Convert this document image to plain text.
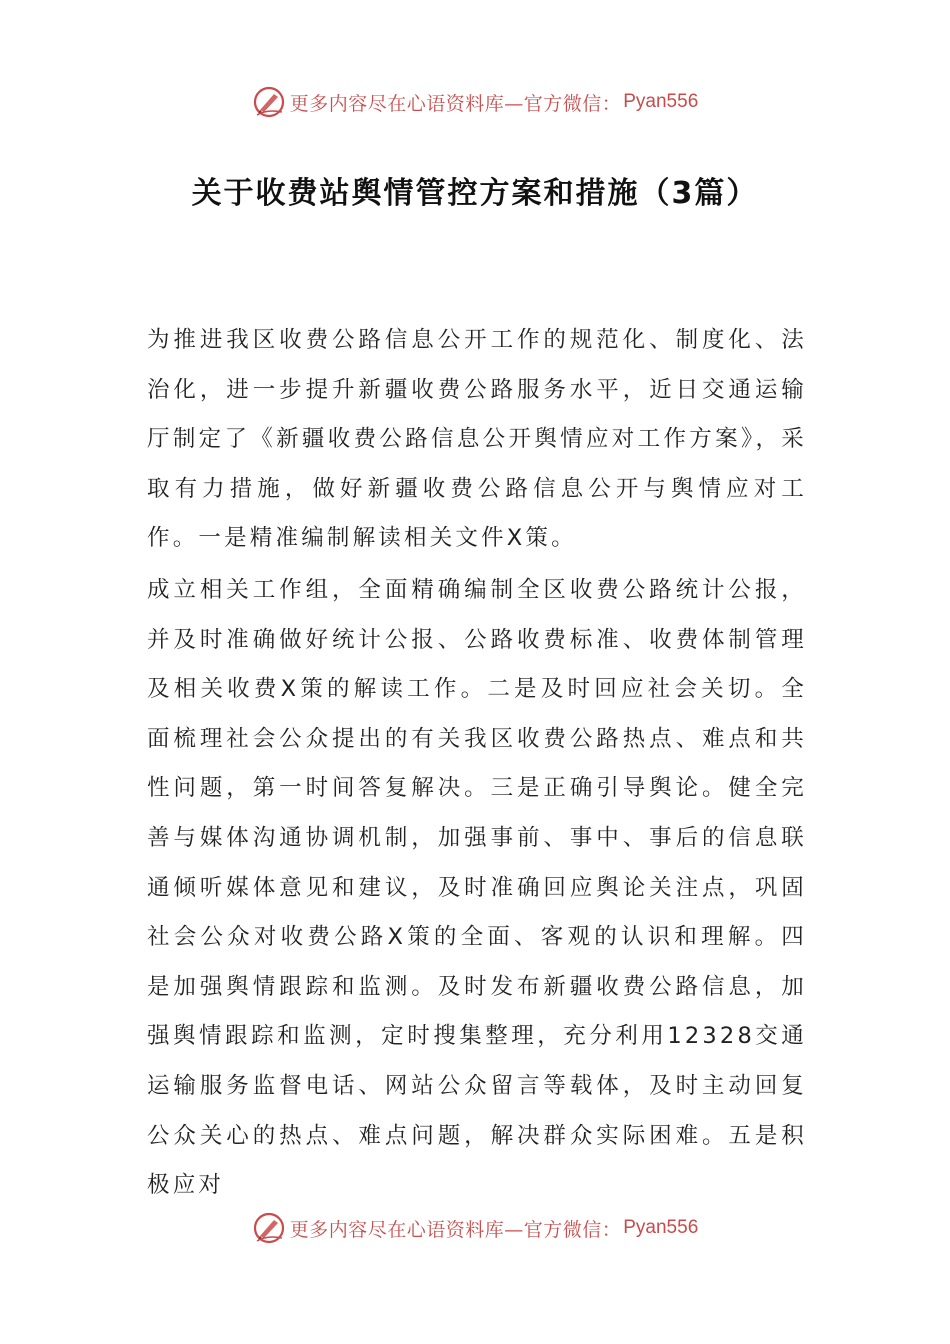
更多内容尽在心语资料库—官方微信： Pyan556
关于收费站舆情管控方案和措施（3篇）

为推进我区收费公路信息公开工作的规范化、制度化、法治化，进一步提升新疆收费公路服务水平，近日交通运输厅制定了《新疆收费公路信息公开舆情应对工作方案》，采取有力措施，做好新疆收费公路信息公开与舆情应对工作。一是精准编制解读相关文件X策。

成立相关工作组，全面精确编制全区收费公路统计公报，并及时准确做好统计公报、公路收费标准、收费体制管理及相关收费X策的解读工作。二是及时回应社会关切。全面梳理社会公众提出的有关我区收费公路热点、难点和共性问题，第一时间答复解决。三是正确引导舆论。健全完善与媒体沟通协调机制，加强事前、事中、事后的信息联通倾听媒体意见和建议，及时准确回应舆论关注点，巩固社会公众对收费公路X策的全面、客观的认识和理解。四是加强舆情跟踪和监测。及时发布新疆收费公路信息，加强舆情跟踪和监测，定时搜集整理，充分利用12328交通运输服务监督电话、网站公众留言等载体，及时主动回复公众关心的热点、难点问题，解决群众实际困难。五是积极应对

更多内容尽在心语资料库—官方微信： Pyan556
